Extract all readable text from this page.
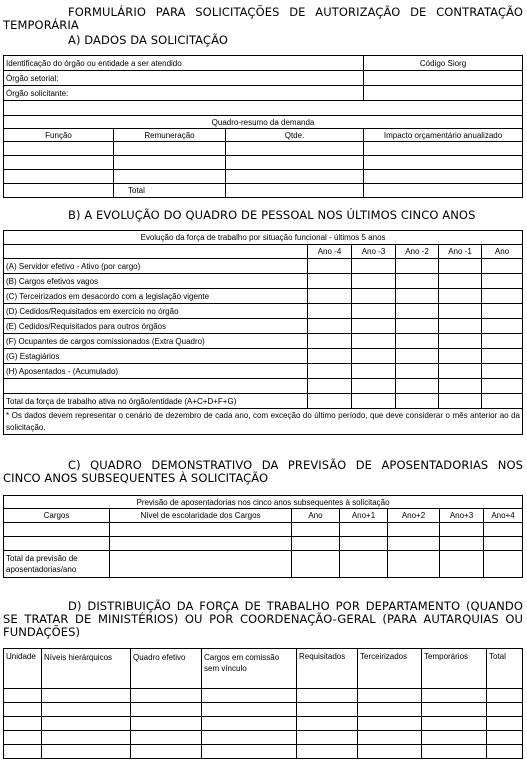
FORMULÁRIO PARA SOLICITAÇÕES DE AUTORIZAÇÃO DE CONTRATAÇÃO
TEMPORÁRIA
A) DADOS DA SOLICITAÇÃO
Identificação do órgão ou entidade a ser atendido			Código Siorg
Órgão setorial:			
Órgão solicitante:			

Quadro-resumo da demanda			
Função	Remuneração	Qtde.	Impacto orçamentário anualizado

	Total		
B) A EVOLUÇÃO DO QUADRO DE PESSOAL NOS ÚLTIMOS CINCO ANOS
Evolução da força de trabalho por situação funcional - últimos 5 anos					
	Ano -4	Ano -3	Ano -2	Ano -1	Ano
(A) Servidor efetivo - Ativo (por cargo)					
(B) Cargos efetivos vagos					
(C) Terceirizados em desacordo com a legislação vigente					
(D) Cedidos/Requisitados em exercício no órgão					
(E) Cedidos/Requisitados para outros órgãos					
(F) Ocupantes de cargos comissionados (Extra Quadro)					
(G) Estagiários					
(H) Aposentados - (Acumulado)					

Total da força de trabalho ativa no órgão/entidade (A+C+D+F+G)					
* Os dados devem representar o cenário de dezembro de cada ano, com exceção do último período, que deve considerar o mês anterior ao da solicitação.					
C) QUADRO DEMONSTRATIVO DA PREVISÃO DE APOSENTADORIAS NOS
CINCO ANOS SUBSEQUENTES À SOLICITAÇÃO
Previsão de aposentadorias nos cinco anos subsequentes à solicitação						
Cargos	Nível de escolaridade dos Cargos	Ano	Ano+1	Ano+2	Ano+3	Ano+4

Total da previsão de aposentadorias/ano						
D) DISTRIBUIÇÃO DA FORÇA DE TRABALHO POR DEPARTAMENTO (QUANDO
SE TRATAR DE MINISTÉRIOS) OU POR COORDENAÇÃO-GERAL (PARA AUTARQUIAS OU
FUNDAÇÕES)
Unidade	Níveis hierárquicos	Quadro efetivo	Cargos em comissão sem vínculo	Requisitados	Terceirizados	Temporários	Total
